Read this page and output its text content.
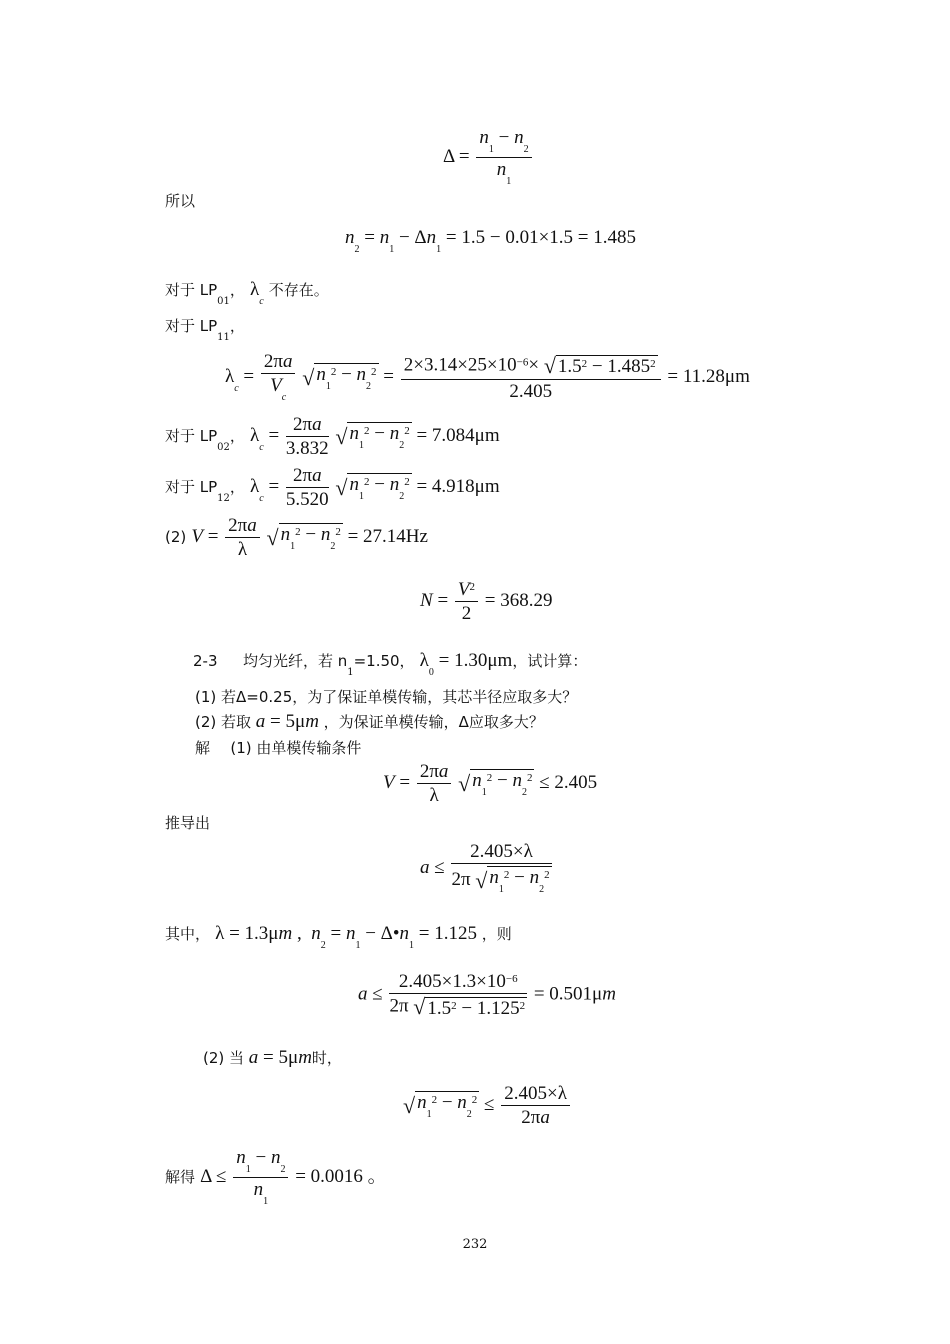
$\Delta = \frac{n_1 - n_2}{n_1}$
所以
$n_2 = n_1 - \Delta n_1 = 1.5 - 0.01\times 1.5 = 1.485$
对于 $LP_{01}$， $\lambda_c$ 不存在。
对于 $LP_{11}$，
$\lambda_c = \frac{2\pi a}{V_c}$ √ $n_1^2 - n_2^2 = \frac{2\times 3.14\times 25\times 10^{-6}\times √ 1.5^2 - 1.485^2}{2.405} = 11.28\mu m$
对于 $LP_{02}$， $\lambda_c = \frac{2\pi a}{3.832}$ √ $n_1^2 - n_2^2 = 7.084\mu m$
对于 $LP_{12}$， $\lambda_c = \frac{2\pi a}{5.520}$ √ $n_1^2 - n_2^2 = 4.918\mu m$
(2) $V = \frac{2\pi a}{\lambda}$ √ $n_1^2 - n_2^2 = 27.14Hz$
$N = \frac{V^2}{2} = 368.29$
2-3 均匀光纤，若 $n_1=1.50$， $\lambda_0 = 1.30\mu m$，试计算：
(1) 若Δ=0.25，为了保证单模传输，其芯半径应取多大？
(2) 若取 a = 5μm ，为保证单模传输，Δ应取多大？
解 (1) 由单模传输条件
$V = \frac{2\pi a}{\lambda}$ √ $n_1^2 - n_2^2 \le 2.405$
推导出
$a \le \frac{2.405\times\lambda}{2\pi √ n_1^2 - n_2^2}$
其中， λ = 1.3μm ,  $n_2 = n_1$ − $\Delta•n_1 = 1.125$ ，则
$a \le \frac{2.405\times 1.3\times 10^{-6}}{2\pi √ 1.5^2 - 1.125^2} = 0.501\mu m$
(2) 当 a = 5μm时，
√ $n_1^2 - n_2^2 \le \frac{2.405\times\lambda}{2\pi a}$
解得 $\Delta \le \frac{n_1 - n_2}{n_1} = 0.0016$ 。
232
